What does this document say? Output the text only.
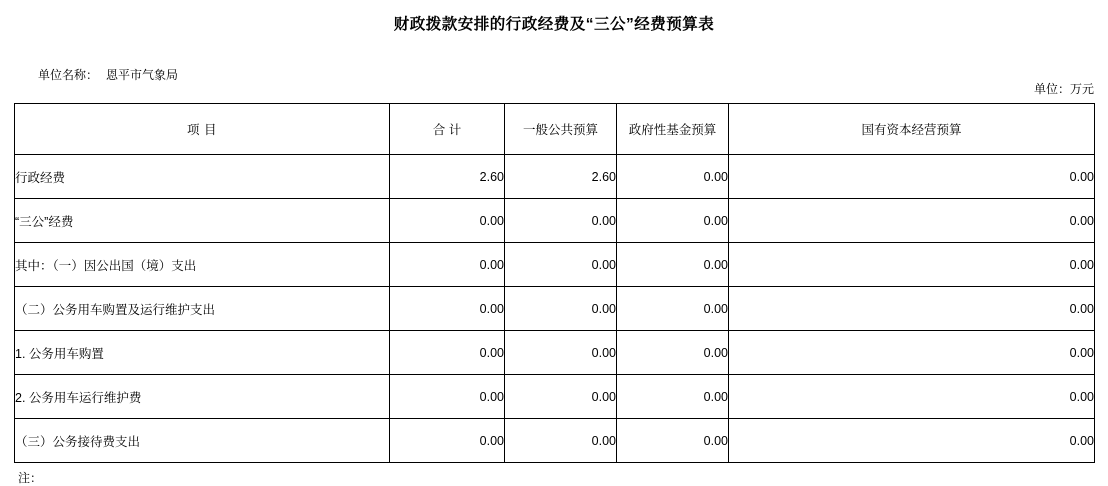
财政拨款安排的行政经费及“三公”经费预算表

单位名称： 恩平市气象局

单位：万元
项 目	合 计	一般公共预算	政府性基金预算	国有资本经营预算
行政经费	2.60	2.60	0.00	0.00
“三公”经费	0.00	0.00	0.00	0.00
其中：（一）因公出国（境）支出	0.00	0.00	0.00	0.00
（二）公务用车购置及运行维护支出	0.00	0.00	0.00	0.00
1. 公务用车购置	0.00	0.00	0.00	0.00
2. 公务用车运行维护费	0.00	0.00	0.00	0.00
（三）公务接待费支出	0.00	0.00	0.00	0.00
注：
